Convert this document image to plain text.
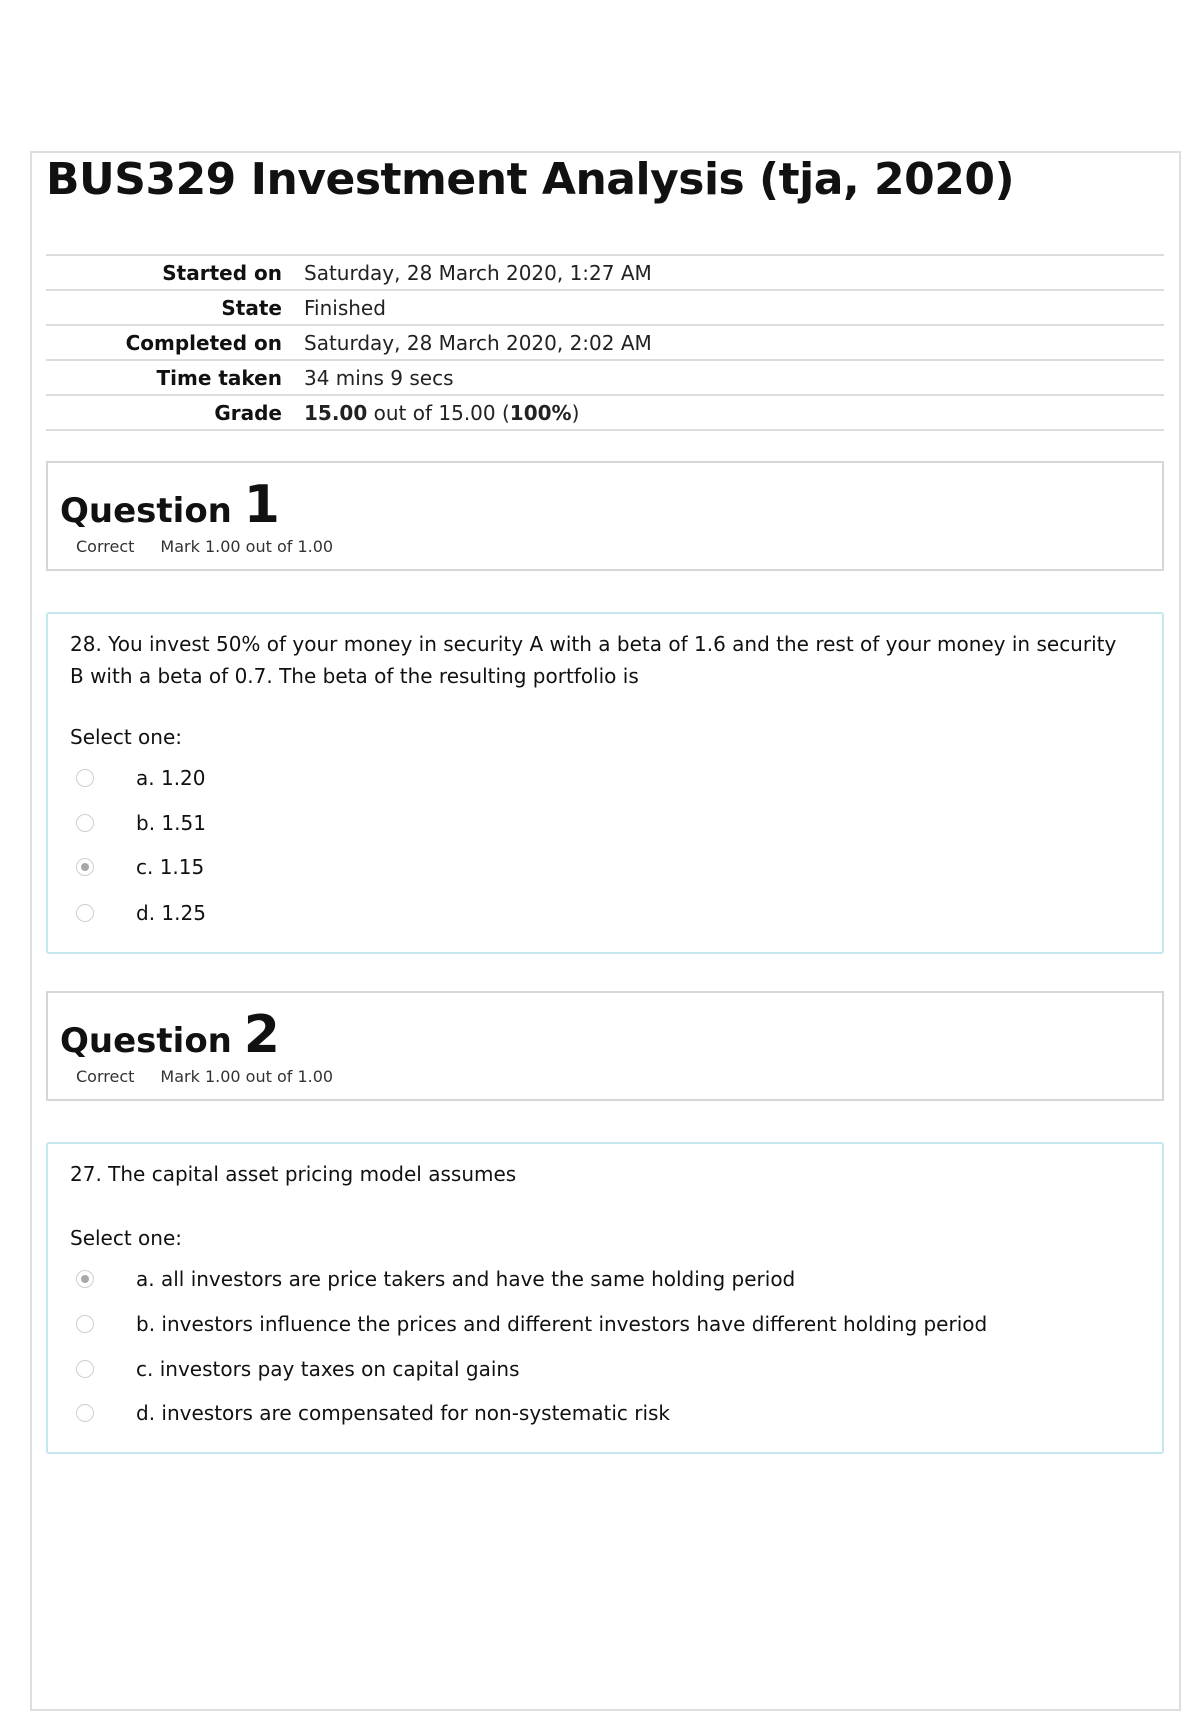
BUS329 Investment Analysis (tja, 2020)
Started on	Saturday, 28 March 2020, 1:27 AM
State	Finished
Completed on	Saturday, 28 March 2020, 2:02 AM
Time taken	34 mins 9 secs
Grade	15.00 out of 15.00 (100%)
Question 1
Correct Mark 1.00 out of 1.00
28. You invest 50% of your money in security A with a beta of 1.6 and the rest of your money in security B with a beta of 0.7. The beta of the resulting portfolio is
Select one:
a. 1.20
b. 1.51
c. 1.15
d. 1.25
Question 2
Correct Mark 1.00 out of 1.00
27. The capital asset pricing model assumes
Select one:
a. all investors are price takers and have the same holding period
b. investors influence the prices and different investors have different holding period
c. investors pay taxes on capital gains
d. investors are compensated for non-systematic risk
